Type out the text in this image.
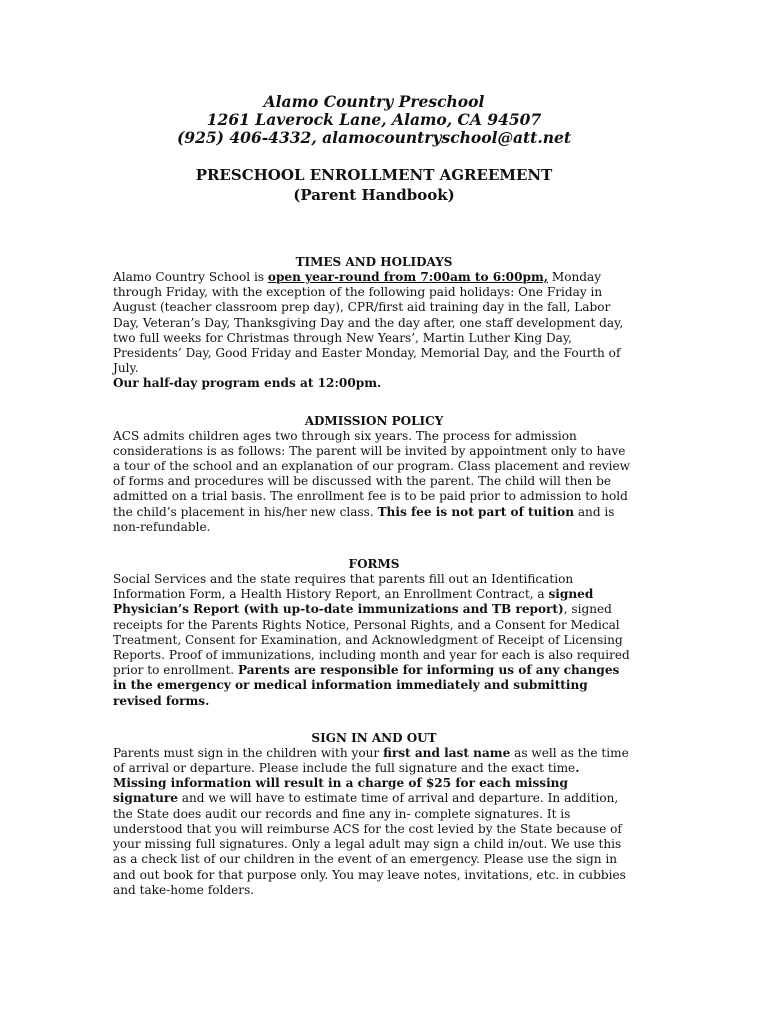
Alamo Country Preschool
1261 Laverock Lane, Alamo, CA 94507
(925) 406-4332, alamocountryschool@att.net
PRESCHOOL ENROLLMENT AGREEMENT
(Parent Handbook)
TIMES AND HOLIDAYS

Alamo Country School is open year-round from 7:00am to 6:00pm, Monday through Friday, with the exception of the following paid holidays: One Friday in August (teacher classroom prep day), CPR/first aid training day in the fall, Labor Day, Veteran’s Day, Thanksgiving Day and the day after, one staff development day, two full weeks for Christmas through New Years’, Martin Luther King Day, Presidents’ Day, Good Friday and Easter Monday, Memorial Day, and the Fourth of July.

Our half-day program ends at 12:00pm.

ADMISSION POLICY

ACS admits children ages two through six years. The process for admission considerations is as follows: The parent will be invited by appointment only to have a tour of the school and an explanation of our program. Class placement and review of forms and procedures will be discussed with the parent. The child will then be admitted on a trial basis. The enrollment fee is to be paid prior to admission to hold the child’s placement in his/her new class. This fee is not part of tuition and is non-refundable.

FORMS

Social Services and the state requires that parents fill out an Identification Information Form, a Health History Report, an Enrollment Contract, a signed Physician’s Report (with up-to-date immunizations and TB report), signed receipts for the Parents Rights Notice, Personal Rights, and a Consent for Medical Treatment, Consent for Examination, and Acknowledgment of Receipt of Licensing Reports. Proof of immunizations, including month and year for each is also required prior to enrollment. Parents are responsible for informing us of any changes in the emergency or medical information immediately and submitting revised forms.

SIGN IN AND OUT

Parents must sign in the children with your first and last name as well as the time of arrival or departure. Please include the full signature and the exact time.
Missing information will result in a charge of $25 for each missing signature and we will have to estimate time of arrival and departure. In addition, the State does audit our records and fine any in- complete signatures. It is understood that you will reimburse ACS for the cost levied by the State because of your missing full signatures. Only a legal adult may sign a child in/out. We use this as a check list of our children in the event of an emergency. Please use the sign in and out book for that purpose only. You may leave notes, invitations, etc. in cubbies and take-home folders.
